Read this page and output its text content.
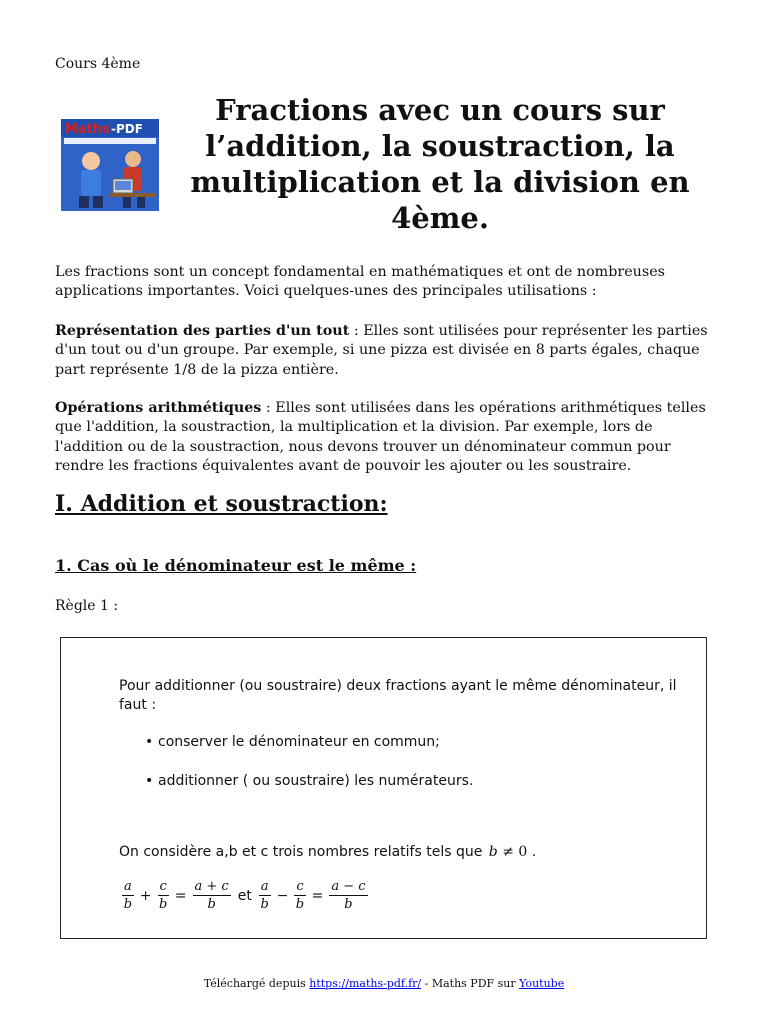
Cours 4ème
Maths -PDF
Fractions avec un cours sur l’addition, la soustraction, la multiplication et la division en 4ème.

Les fractions sont un concept fondamental en mathématiques et ont de nombreuses applications importantes. Voici quelques-unes des principales utilisations :

Représentation des parties d'un tout : Elles sont utilisées pour représenter les parties d'un tout ou d'un groupe. Par exemple, si une pizza est divisée en 8 parts égales, chaque part représente 1/8 de la pizza entière.

Opérations arithmétiques : Elles sont utilisées dans les opérations arithmétiques telles que l'addition, la soustraction, la multiplication et la division. Par exemple, lors de l'addition ou de la soustraction, nous devons trouver un dénominateur commun pour rendre les fractions équivalentes avant de pouvoir les ajouter ou les soustraire.

I. Addition et soustraction:
1. Cas où le dénominateur est le même :
Règle 1 :

Pour additionner (ou soustraire) deux fractions ayant le même dénominateur, il faut :

• conserver le dénominateur en commun;
• additionner ( ou soustraire) les numérateurs.
On considère a,b et c trois nombres relatifs tels que b ≠ 0 .
$\frac{a}{b} + \frac{c}{b} = \frac{a + c}{b}$ et $\frac{a}{b} - \frac{c}{b} = \frac{a - c}{b}$
Téléchargé depuis https://maths-pdf.fr/ - Maths PDF sur Youtube
